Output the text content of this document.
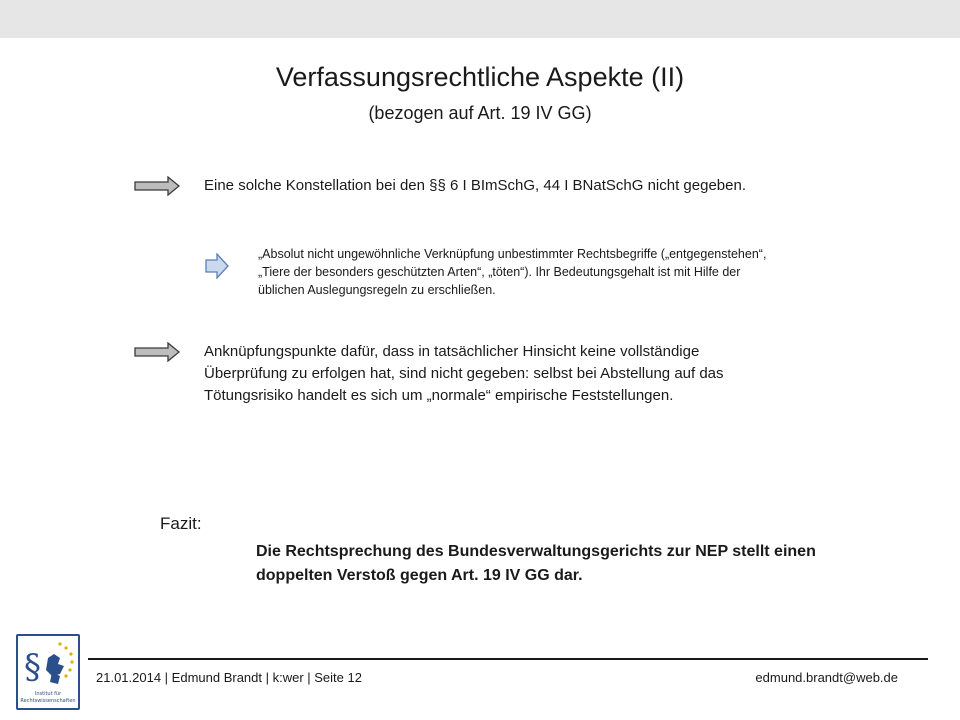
Verfassungsrechtliche Aspekte (II)
(bezogen auf Art. 19 IV GG)
Eine solche Konstellation bei den §§ 6 I BImSchG, 44 I BNatSchG nicht gegeben.
„Absolut nicht ungewöhnliche Verknüpfung unbestimmter Rechtsbegriffe („entgegenstehen“, „Tiere der besonders geschützten Arten“, „töten“). Ihr Bedeutungsgehalt ist mit Hilfe der üblichen Auslegungsregeln zu erschließen.
Anknüpfungspunkte dafür, dass in tatsächlicher Hinsicht keine vollständige Überprüfung zu erfolgen hat, sind nicht gegeben: selbst bei Abstellung auf das Tötungsrisiko handelt es sich um „normale“ empirische Feststellungen.
Fazit:
Die Rechtsprechung des Bundesverwaltungsgerichts zur NEP stellt einen doppelten Verstoß gegen Art. 19 IV GG dar.
§
Institut für
Rechtswissenschaften
21.01.2014 | Edmund Brandt | k:wer | Seite 12	edmund.brandt@web.de
